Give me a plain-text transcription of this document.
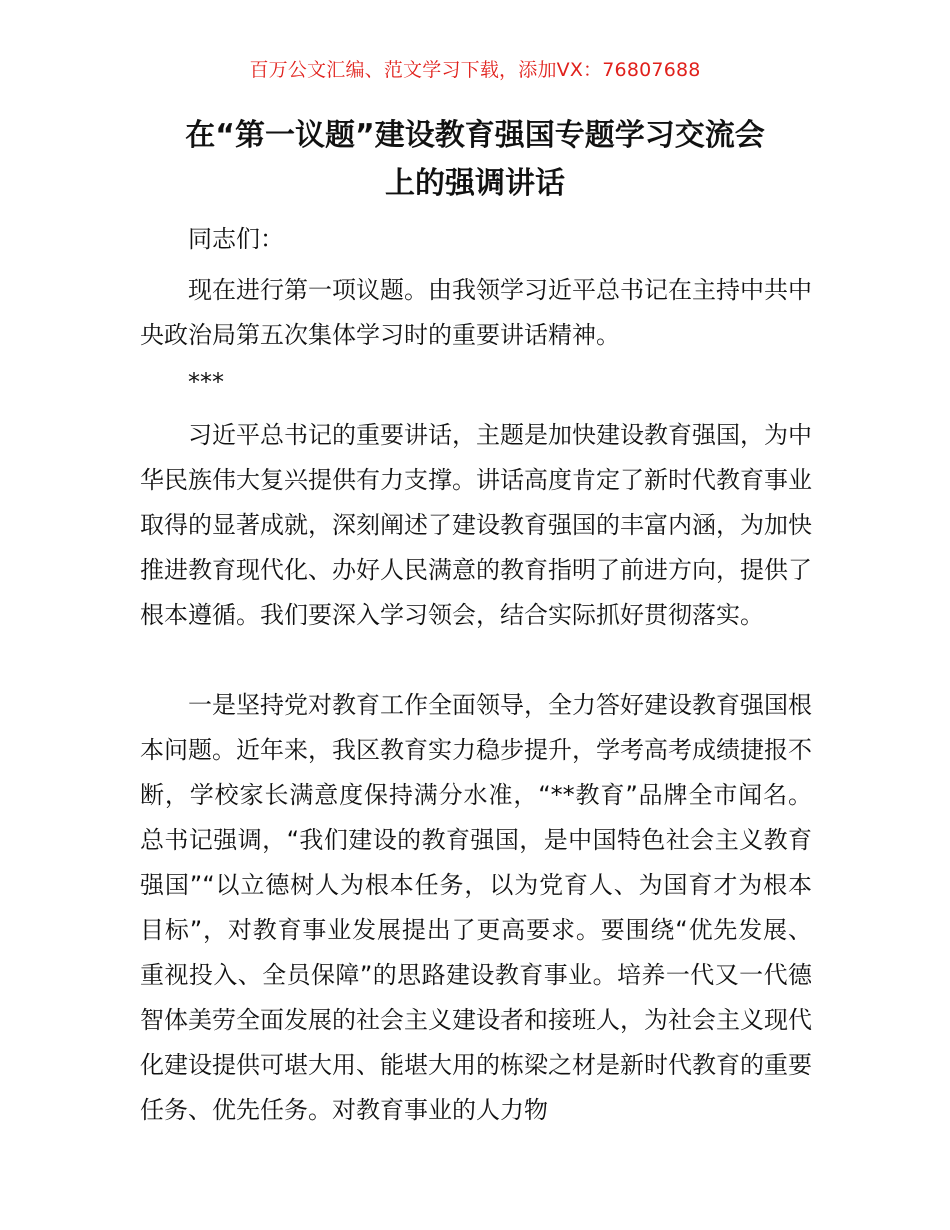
百万公文汇编、范文学习下载，添加VX：76807688
在“第一议题”建设教育强国专题学习交流会
上的强调讲话
同志们：
现在进行第一项议题。由我领学习近平总书记在主持中共中央政治局第五次集体学习时的重要讲话精神。
***
习近平总书记的重要讲话，主题是加快建设教育强国，为中华民族伟大复兴提供有力支撑。讲话高度肯定了新时代教育事业取得的显著成就，深刻阐述了建设教育强国的丰富内涵，为加快推进教育现代化、办好人民满意的教育指明了前进方向，提供了根本遵循。我们要深入学习领会，结合实际抓好贯彻落实。
一是坚持党对教育工作全面领导，全力答好建设教育强国根本问题。近年来，我区教育实力稳步提升，学考高考成绩捷报不断，学校家长满意度保持满分水准，“**教育”品牌全市闻名。总书记强调，“我们建设的教育强国，是中国特色社会主义教育强国”“以立德树人为根本任务，以为党育人、为国育才为根本目标”，对教育事业发展提出了更高要求。要围绕“优先发展、重视投入、全员保障”的思路建设教育事业。培养一代又一代德智体美劳全面发展的社会主义建设者和接班人，为社会主义现代化建设提供可堪大用、能堪大用的栋梁之材是新时代教育的重要任务、优先任务。对教育事业的人力物
